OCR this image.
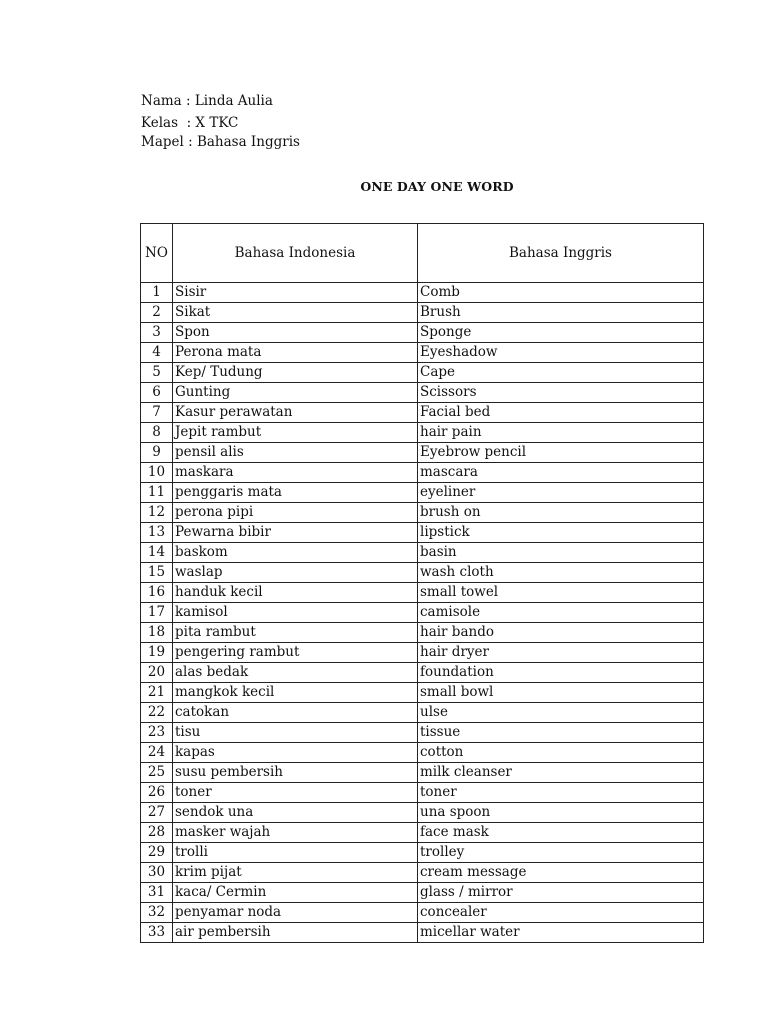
Nama : Linda Aulia
Kelas  : X TKC
Mapel : Bahasa Inggris
ONE DAY ONE WORD
NO	Bahasa Indonesia	Bahasa Inggris
1	Sisir	Comb
2	Sikat	Brush
3	Spon	Sponge
4	Perona mata	Eyeshadow
5	Kep/ Tudung	Cape
6	Gunting	Scissors
7	Kasur perawatan	Facial bed
8	Jepit rambut	hair pain
9	pensil alis	Eyebrow pencil
10	maskara	mascara
11	penggaris mata	eyeliner
12	perona pipi	brush on
13	Pewarna bibir	lipstick
14	baskom	basin
15	waslap	wash cloth
16	handuk kecil	small towel
17	kamisol	camisole
18	pita rambut	hair bando
19	pengering rambut	hair dryer
20	alas bedak	foundation
21	mangkok kecil	small bowl
22	catokan	ulse
23	tisu	tissue
24	kapas	cotton
25	susu pembersih	milk cleanser
26	toner	toner
27	sendok una	una spoon
28	masker wajah	face mask
29	trolli	trolley
30	krim pijat	cream message
31	kaca/ Cermin	glass / mirror
32	penyamar noda	concealer
33	air pembersih	micellar water
